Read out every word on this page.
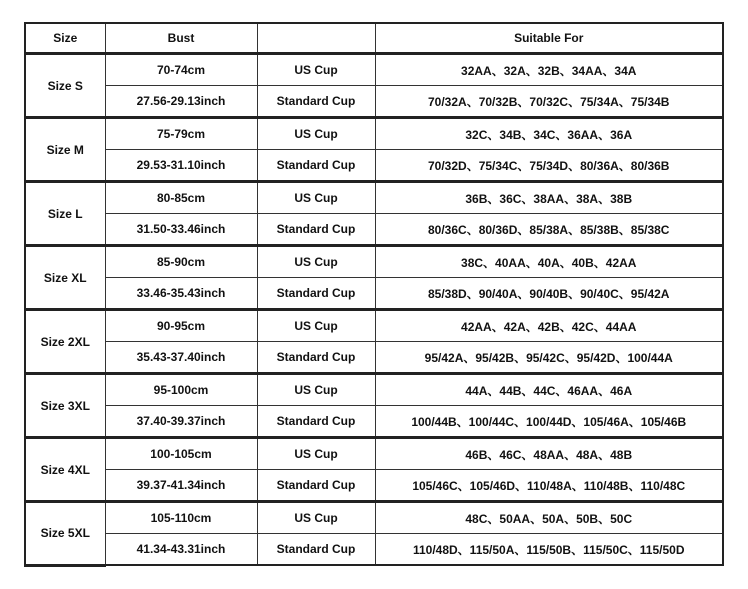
Size	Bust		Suitable For
Size S	70-74cm	US Cup	32AA、32A、32B、34AA、34A
	27.56-29.13inch	Standard Cup	70/32A、70/32B、70/32C、75/34A、75/34B
Size M	75-79cm	US Cup	32C、34B、34C、36AA、36A
	29.53-31.10inch	Standard Cup	70/32D、75/34C、75/34D、80/36A、80/36B
Size L	80-85cm	US Cup	36B、36C、38AA、38A、38B
	31.50-33.46inch	Standard Cup	80/36C、80/36D、85/38A、85/38B、85/38C
Size XL	85-90cm	US Cup	38C、40AA、40A、40B、42AA
	33.46-35.43inch	Standard Cup	85/38D、90/40A、90/40B、90/40C、95/42A
Size 2XL	90-95cm	US Cup	42AA、42A、42B、42C、44AA
	35.43-37.40inch	Standard Cup	95/42A、95/42B、95/42C、95/42D、100/44A
Size 3XL	95-100cm	US Cup	44A、44B、44C、46AA、46A
	37.40-39.37inch	Standard Cup	100/44B、100/44C、100/44D、105/46A、105/46B
Size 4XL	100-105cm	US Cup	46B、46C、48AA、48A、48B
	39.37-41.34inch	Standard Cup	105/46C、105/46D、110/48A、110/48B、110/48C
Size 5XL	105-110cm	US Cup	48C、50AA、50A、50B、50C
	41.34-43.31inch	Standard Cup	110/48D、115/50A、115/50B、115/50C、115/50D
